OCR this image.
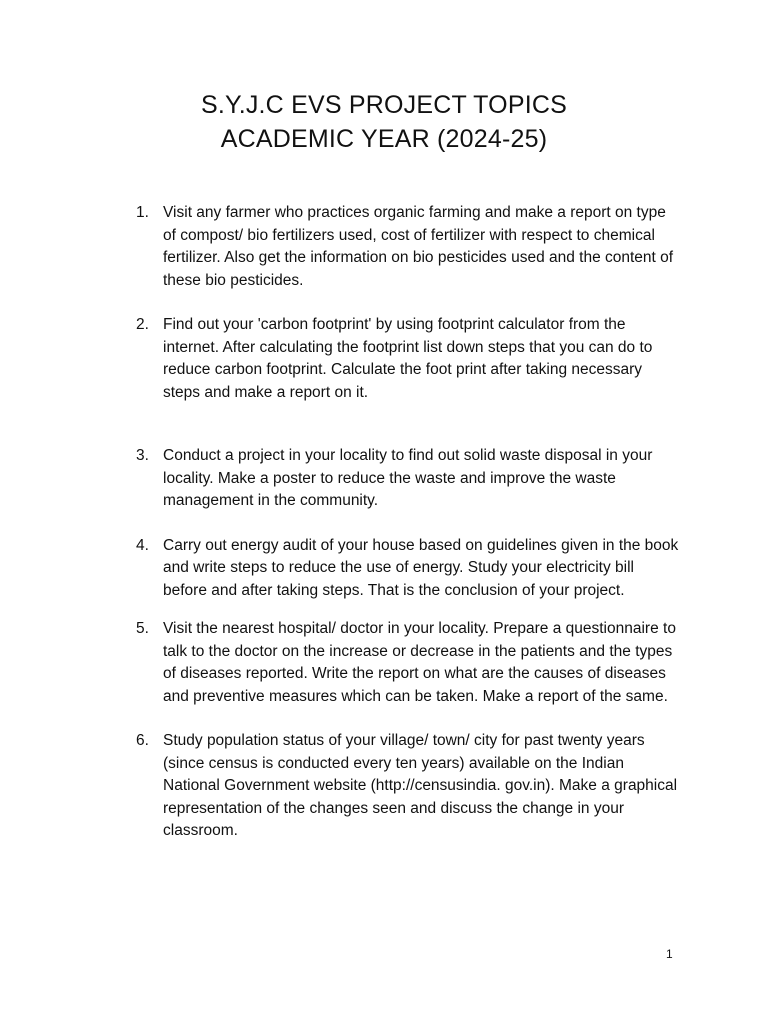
S.Y.J.C EVS PROJECT TOPICS
ACADEMIC YEAR (2024-25)
1. Visit any farmer who practices organic farming and make a report on type of compost/ bio fertilizers used, cost of fertilizer with respect to chemical fertilizer. Also get the information on bio pesticides used and the content of these bio pesticides.
2. Find out your 'carbon footprint' by using footprint calculator from the internet. After calculating the footprint list down steps that you can do to reduce carbon footprint. Calculate the foot print after taking necessary steps and make a report on it.
3. Conduct a project in your locality to find out solid waste disposal in your locality. Make a poster to reduce the waste and improve the waste management in the community.
4. Carry out energy audit of your house based on guidelines given in the book and write steps to reduce the use of energy. Study your electricity bill before and after taking steps. That is the conclusion of your project.
5. Visit the nearest hospital/ doctor in your locality. Prepare a questionnaire to talk to the doctor on the increase or decrease in the patients and the types of diseases reported. Write the report on what are the causes of diseases and preventive measures which can be taken. Make a report of the same.
6. Study population status of your village/ town/ city for past twenty years (since census is conducted every ten years) available on the Indian National Government website (http://censusindia. gov.in). Make a graphical representation of the changes seen and discuss the change in your classroom.
1
